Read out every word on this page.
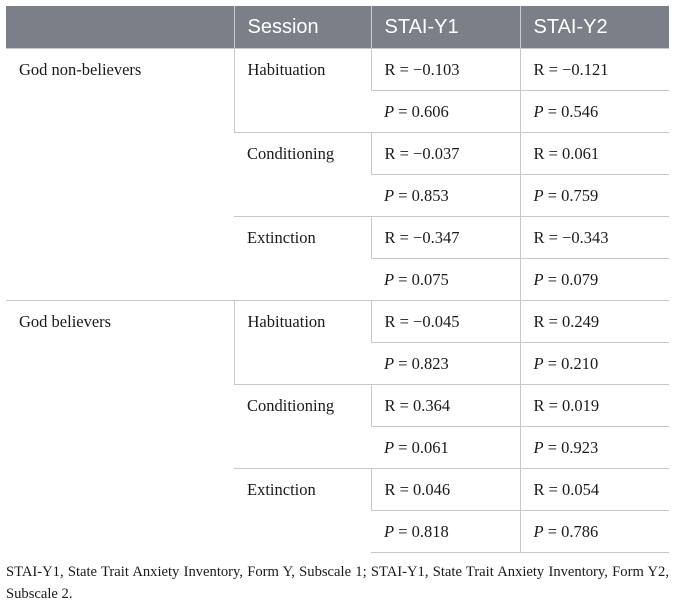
	Session	STAI-Y1	STAI-Y2
God non-believers	Habituation	R = −0.103	R = −0.121
		P = 0.606	P = 0.546
	Conditioning	R = −0.037	R = 0.061
		P = 0.853	P = 0.759
	Extinction	R = −0.347	R = −0.343
		P = 0.075	P = 0.079
God believers	Habituation	R = −0.045	R = 0.249
		P = 0.823	P = 0.210
	Conditioning	R = 0.364	R = 0.019
		P = 0.061	P = 0.923
	Extinction	R = 0.046	R = 0.054
		P = 0.818	P = 0.786
STAI-Y1, State Trait Anxiety Inventory, Form Y, Subscale 1; STAI-Y1, State Trait Anxiety Inventory, Form Y2, Subscale 2.
